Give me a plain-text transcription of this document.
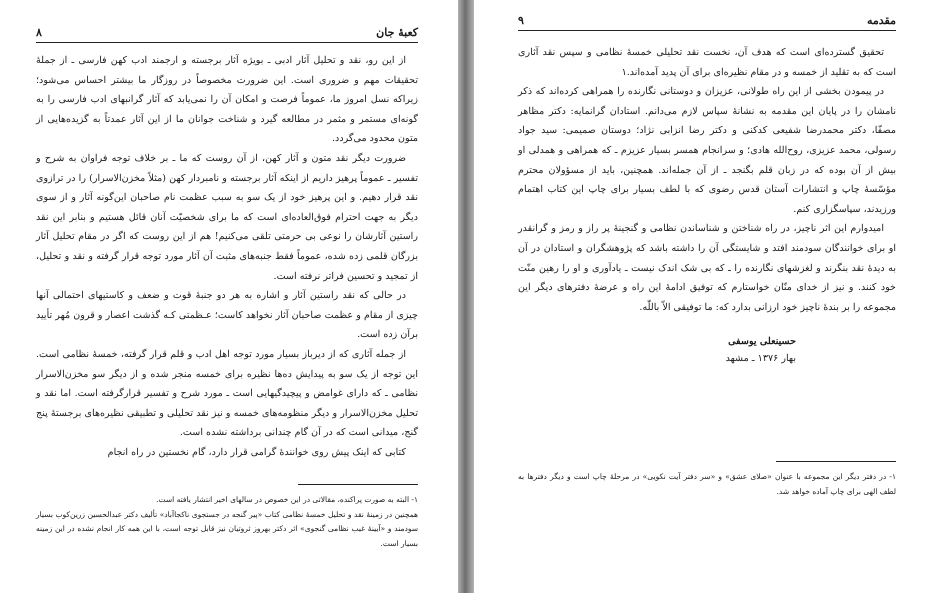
کعبهٔ جان
۸

از این رو، نقد و تحلیل آثار ادبی ـ بویژه آثار برجسته و ارجمند ادب کهن فارسی ـ از جملهٔ تحقیقات مهم و ضروری است. این ضرورت مخصوصاً در روزگار ما بیشتر احساس می‌شود؛ زیراکه نسل امروز ما، عموماً فرصت و امکان آن را نمی‌یابد که آثار گرانبهای ادب فارسی را به گونه‌ای مستمر و مثمر در مطالعه گیرد و شناخت جوانان ما از این آثار عمدتاً به گزیده‌هایی از متون محدود می‌گردد.

ضرورت دیگر نقد متون و آثار کهن، از آن روست که ما ـ بر خلاف توجه فراوان به شرح و تفسیر ـ عموماً پرهیز داریم از اینکه آثار برجسته و نامبردار کهن (مثلاً مخزن‌الاسرار) را در ترازوی نقد قرار دهیم. و این پرهیز خود از یک سو به سبب عظمت نام صاحبان این‌گونه آثار و از سوی دیگر به جهت احترام فوق‌العاده‌ای است که ما برای شخصیّت آنان قائل هستیم و بنابر این نقد راستین آثارشان را نوعی بی حرمتی تلقی می‌کنیم! هم از این روست که اگر در مقام تحلیل آثار بزرگان قلمی زده شده، عموماً فقط جنبه‌های مثبت آن آثار مورد توجه قرار گرفته و نقد و تحلیل، از تمجید و تحسین فراتر نرفته است.

در حالی که نقد راستین آثار و اشاره به هر دو جنبهٔ قوت و ضعف و کاستیهای احتمالی آنها چیزی از مقام و عظمت صاحبان آثار نخواهد کاست؛ عـظمتی کـه گذشت اعصار و قرون مُهر تأیید برآن زده است.

از جمله آثاری که از دیرباز بسیار مورد توجه اهل ادب و قلم قرار گرفته، خمسهٔ نظامی است. این توجه از یک سو به پیدایش ده‌ها نظیره برای خمسه منجر شده و از دیگر سو مخزن‌الاسرار نظامی ـ که دارای غوامض و پیچیدگیهایی است ـ مورد شرح و تفسیر قرارگرفته است. اما نقد و تحلیل مخزن‌الاسرار و دیگر منظومه‌های خمسه و نیز نقد تحلیلی و تطبیقی نظیره‌های برجستهٔ پنج گنج، میدانی است که در آن گام چندانی برداشته نشده است.

کتابی که اینک پیش روی خوانندهٔ گرامی قرار دارد، گام نخستین در راه انجام

۱- البته به صورت پراکنده، مقالاتی در این خصوص در سالهای اخیر انتشار یافته است.

همچنین در زمینهٔ نقد و تحلیل خمسهٔ نظامی کتاب «پیر گنجه در جستجوی ناکجاآباد» تألیف دکتر عبدالحسین زرین‌کوب بسیار سودمند و «آیینهٔ غیب نظامی گنجوی» اثر دکتر بهروز ثروتیان نیز قابل توجه است، با این همه کار انجام نشده در این زمینه بسیار است.

مقدمه
۹

تحقیق گسترده‌ای است که هدف آن، نخست نقد تحلیلی خمسهٔ نظامی و سپس نقد آثاری است که به تقلید از خمسه و در مقام نظیره‌ای برای آن پدید آمده‌اند.۱

در پیمودن بخشی از این راه طولانی، عزیزان و دوستانی نگارنده را همراهی کرده‌اند که ذکر نامشان را در پایان این مقدمه به نشانهٔ سپاس لازم می‌دانم. استادان گرانمایه: دکتر مظاهر مصفّا، دکتر محمدرضا شفیعی کدکنی و دکتر رضا انزابی نژاد؛ دوستان صمیمی: سید جواد رسولی، محمد عزیزی، روح‌الله هادی؛ و سرانجام همسر بسیار عزیزم ـ که همراهی و همدلی او بیش از آن بوده که در زبان قلم بگنجد ـ از آن جمله‌اند. همچنین، باید از مسؤولان محترم مؤسّسهٔ چاپ و انتشارات آستان قدس رضوی که با لطف بسیار برای چاپ این کتاب اهتمام ورزیدند، سپاسگزاری کنم.

امیدوارم این اثر ناچیز، در راه شناختن و شناساندن نظامی و گنجینهٔ پر راز و رمز و گرانقدر او برای خوانندگان سودمند افتد و شایستگی آن را داشته باشد که پژوهشگران و استادان در آن به دیدهٔ نقد بنگرند و لغزشهای نگارنده را ـ که بی شک اندک نیست ـ یادآوری و او را رهین منّت خود کنند. و نیز از خدای منّان خواستارم که توفیق ادامهٔ این راه و عرضهٔ دفترهای دیگر این مجموعه را بر بندهٔ ناچیز خود ارزانی بدارد که: ما توفیقی الاّ باللّٰه.

حسینعلی یوسفی
بهار ۱۳۷۶ ـ مشهد

۱- در دفتر دیگر این مجموعه با عنوان «صلای عشق» و «سر دفتر آیت نکویی» در مرحلهٔ چاپ است و دیگر دفترها به لطف الهی برای چاپ آماده خواهد شد.
